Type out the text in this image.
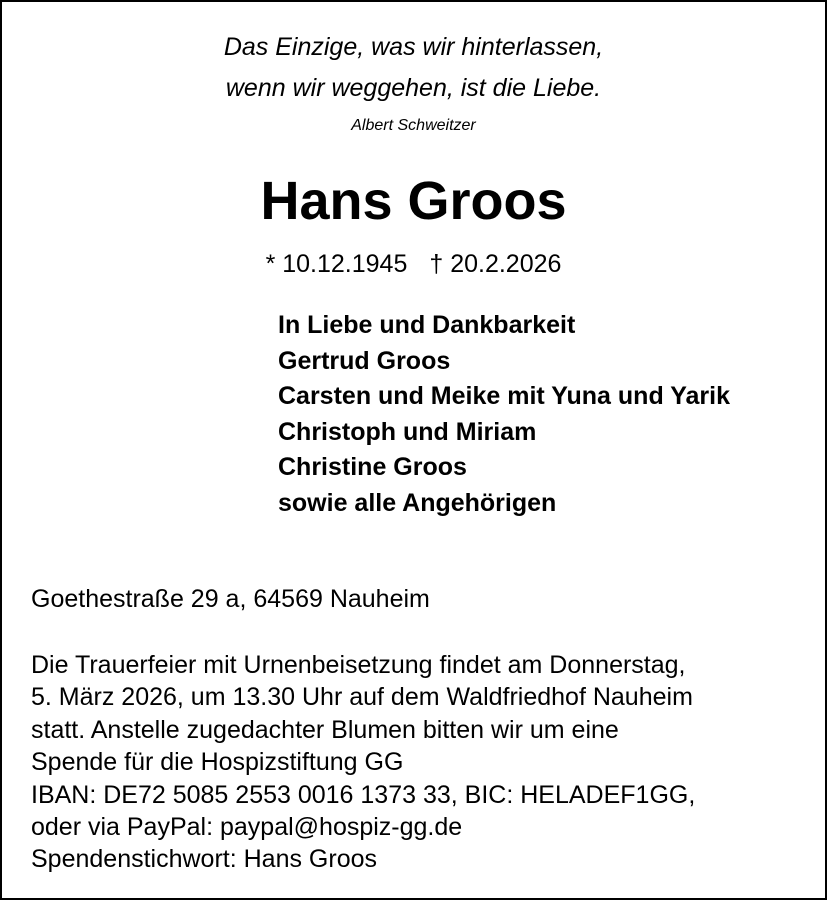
Das Einzige, was wir hinterlassen,
wenn wir weggehen, ist die Liebe.
Albert Schweitzer
Hans Groos
* 10.12.1945 † 20.2.2026
In Liebe und Dankbarkeit
Gertrud Groos
Carsten und Meike mit Yuna und Yarik
Christoph und Miriam
Christine Groos
sowie alle Angehörigen
Goethestraße 29 a, 64569 Nauheim
Die Trauerfeier mit Urnenbeisetzung findet am Donnerstag,
5. März 2026, um 13.30 Uhr auf dem Waldfriedhof Nauheim
statt. Anstelle zugedachter Blumen bitten wir um eine
Spende für die Hospizstiftung GG
IBAN: DE72 5085 2553 0016 1373 33, BIC: HELADEF1GG,
oder via PayPal: paypal@hospiz-gg.de
Spendenstichwort: Hans Groos
